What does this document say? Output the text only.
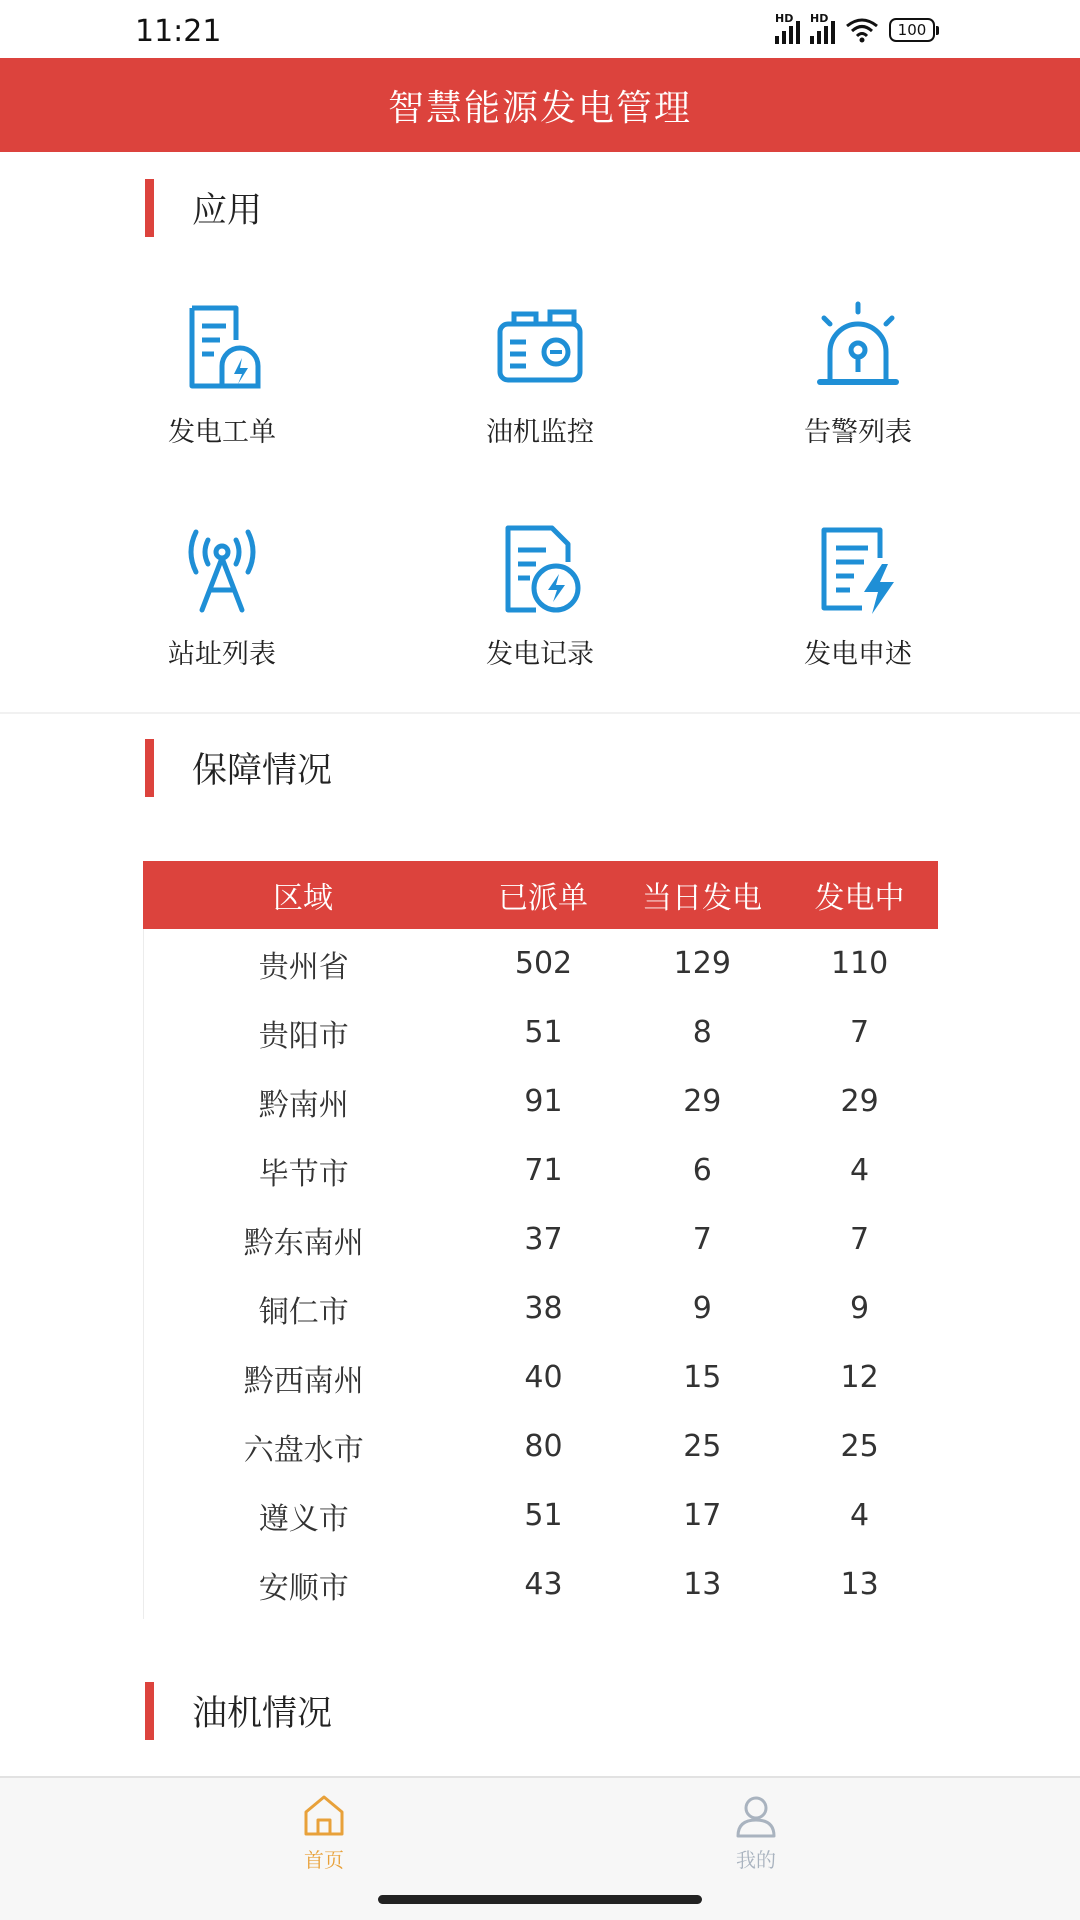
11:21	HD HD
100
智慧能源发电管理
应用
发电工单	油机监控	告警列表
站址列表	发电记录	发电申述
保障情况
区域	已派单	当日发电	发电中
贵州省	502	129	110
贵阳市	51	8	7
黔南州	91	29	29
毕节市	71	6	4
黔东南州	37	7	7
铜仁市	38	9	9
黔西南州	40	15	12
六盘水市	80	25	25
遵义市	51	17	4
安顺市	43	13	13
油机情况
首页	我的
